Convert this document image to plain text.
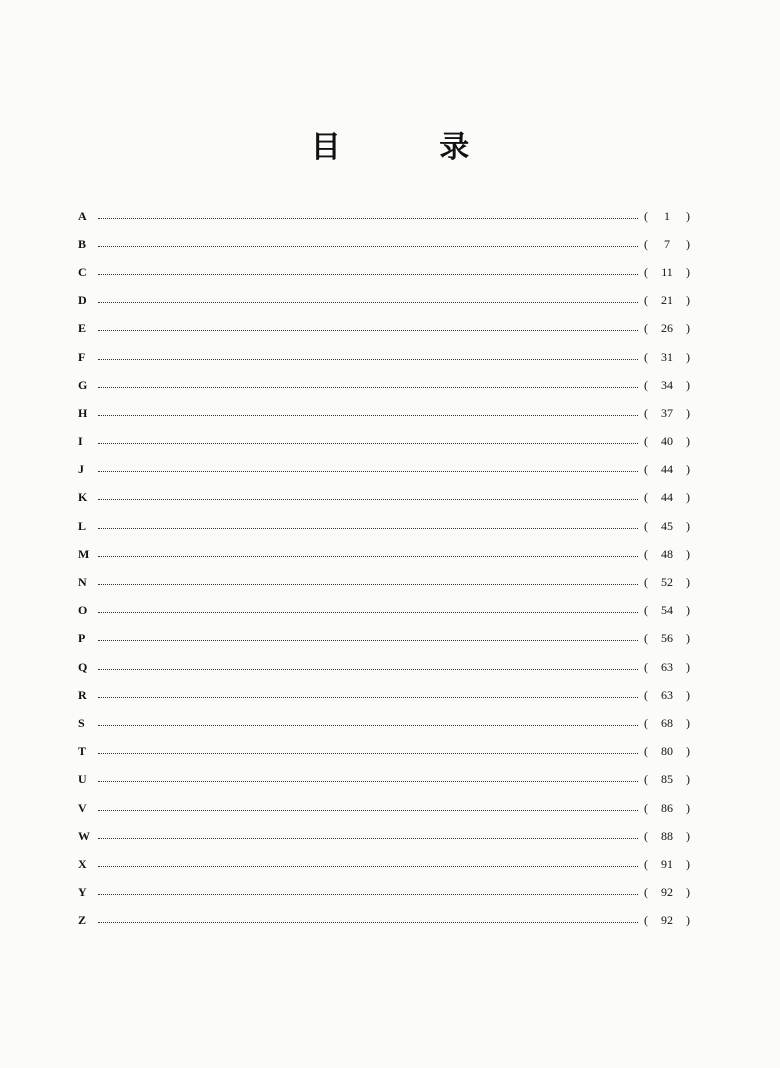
目 录
A	(	1	)
B	(	7	)
C	(	11	)
D	(	21	)
E	(	26	)
F	(	31	)
G	(	34	)
H	(	37	)
I	(	40	)
J	(	44	)
K	(	44	)
L	(	45	)
M	(	48	)
N	(	52	)
O	(	54	)
P	(	56	)
Q	(	63	)
R	(	63	)
S	(	68	)
T	(	80	)
U	(	85	)
V	(	86	)
W	(	88	)
X	(	91	)
Y	(	92	)
Z	(	92	)
